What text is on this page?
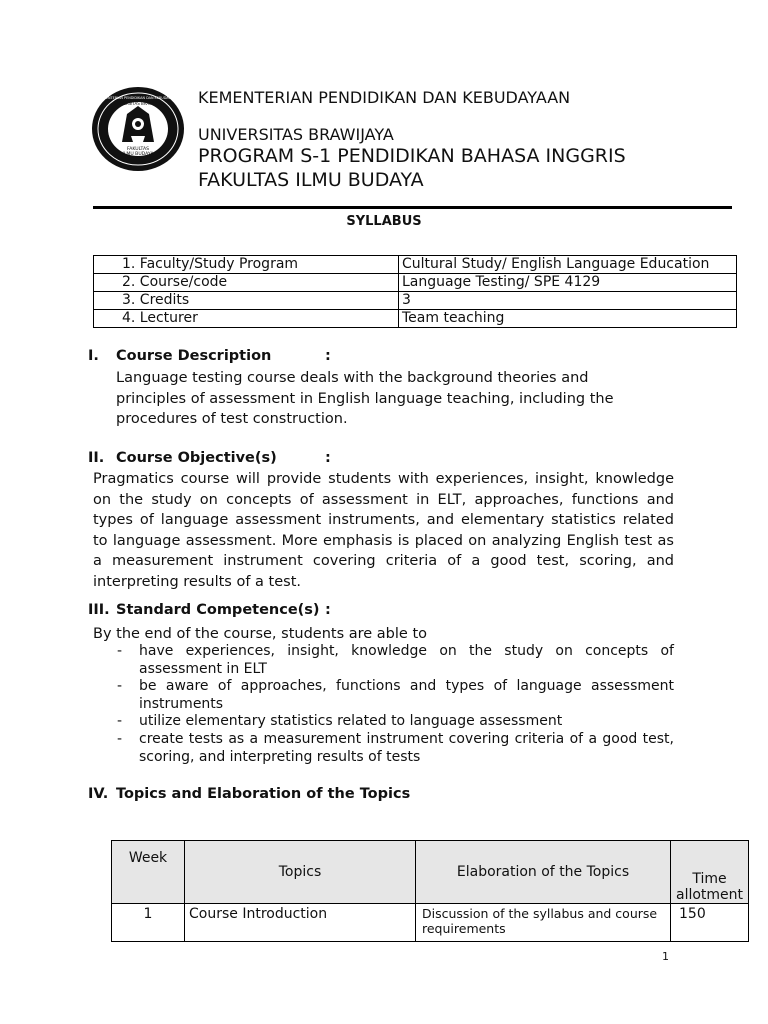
FAKULTAS
ILMU BUDAYA
KEMENTERIAN PENDIDIKAN DAN KEBUDAYAAN
UNIVERSITAS BRAWIJAYA KEMENTERIAN PENDIDIKAN DAN KEBUDAYAAN
UNIVERSITAS BRAWIJAYA
PROGRAM S-1 PENDIDIKAN BAHASA INGGRIS
FAKULTAS ILMU BUDAYA
SYLLABUS
1. Faculty/Study Program	Cultural Study/ English Language Education
2. Course/code	Language Testing/ SPE 4129
3. Credits	3
4. Lecturer	Team teaching
I. Course Description	:
Language testing course deals with the background theories and principles of assessment in English language teaching, including the procedures of test construction.
II. Course Objective(s)	:
Pragmatics course will provide students with experiences, insight, knowledge on the study on concepts of assessment in ELT, approaches, functions and types of language assessment instruments, and elementary statistics related to language assessment. More emphasis is placed on analyzing English test as a measurement instrument covering criteria of a good test, scoring, and interpreting results of a test.
III. Standard Competence(s) :
By the end of the course, students are able to
- have experiences, insight, knowledge on the study on concepts of assessment in ELT
- be aware of approaches, functions and types of language assessment instruments
- utilize elementary statistics related to language assessment
- create tests as a measurement instrument covering criteria of a good test, scoring, and interpreting results of tests
IV. Topics and Elaboration of the Topics
Week	Topics	Elaboration of the Topics	Time allotment
1	Course Introduction	Discussion of the syllabus and course requirements	150
1
